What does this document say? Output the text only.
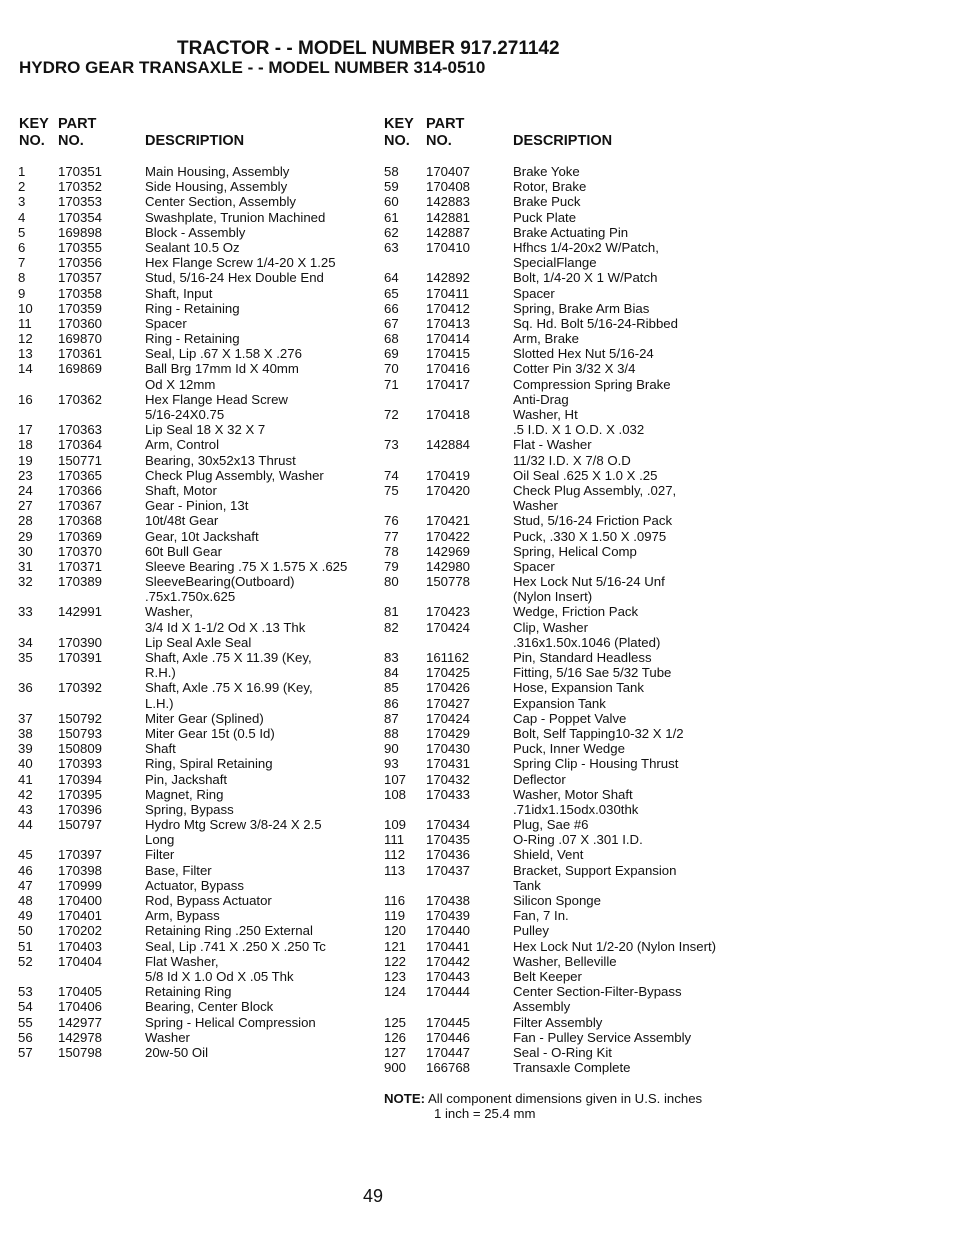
TRACTOR - - MODEL NUMBER 917.271142
HYDRO GEAR TRANSAXLE - - MODEL NUMBER 314-0510
KEY
NO.
PART
NO.	DESCRIPTION
KEY
NO.
PART
NO.	DESCRIPTION
1 170351	Main Housing, Assembly
2 170352	Side Housing, Assembly
3 170353	Center Section, Assembly
4 170354	Swashplate, Trunion Machined
5 169898	Block - Assembly
6 170355	Sealant 10.5 Oz
7 170356	Hex Flange Screw 1/4-20 X 1.25
8 170357	Stud, 5/16-24 Hex Double End
9 170358	Shaft, Input
10 170359	Ring - Retaining
11 170360	Spacer
12 169870	Ring - Retaining
13 170361	Seal, Lip .67 X 1.58 X .276
14 169869	Ball Brg 17mm Id X 40mm
Od X 12mm
16 170362	Hex Flange Head Screw
5/16-24X0.75
17 170363	Lip Seal 18 X 32 X 7
18 170364	Arm, Control
19 150771	Bearing, 30x52x13 Thrust
23 170365	Check Plug Assembly, Washer
24 170366	Shaft, Motor
27 170367	Gear - Pinion, 13t
28 170368	10t/48t Gear
29 170369	Gear, 10t Jackshaft
30 170370	60t Bull Gear
31 170371	Sleeve Bearing .75 X 1.575 X .625
32 170389	SleeveBearing(Outboard)
.75x1.750x.625
33 142991	Washer,
3/4 Id X 1-1/2 Od X .13 Thk
34 170390	Lip Seal Axle Seal
35 170391	Shaft, Axle .75 X 11.39 (Key,
R.H.)
36 170392	Shaft, Axle .75 X 16.99 (Key,
L.H.)
37 150792	Miter Gear (Splined)
38 150793	Miter Gear 15t (0.5 Id)
39 150809	Shaft
40 170393	Ring, Spiral Retaining
41 170394	Pin, Jackshaft
42 170395	Magnet, Ring
43 170396	Spring, Bypass
44 150797	Hydro Mtg Screw 3/8-24 X 2.5
Long
45 170397	Filter
46 170398	Base, Filter
47 170999	Actuator, Bypass
48 170400	Rod, Bypass Actuator
49 170401	Arm, Bypass
50 170202	Retaining Ring .250 External
51 170403	Seal, Lip .741 X .250 X .250 Tc
52 170404	Flat Washer,
5/8 Id X 1.0 Od X .05 Thk
53 170405	Retaining Ring
54 170406	Bearing, Center Block
55 142977	Spring - Helical Compression
56 142978	Washer
57 150798	20w-50 Oil
58 170407	Brake Yoke
59 170408	Rotor, Brake
60 142883	Brake Puck
61 142881	Puck Plate
62 142887	Brake Actuating Pin
63 170410	Hfhcs 1/4-20x2 W/Patch,
SpecialFlange
64 142892	Bolt, 1/4-20 X 1 W/Patch
65 170411	Spacer
66 170412	Spring, Brake Arm Bias
67 170413	Sq. Hd. Bolt 5/16-24-Ribbed
68 170414	Arm, Brake
69 170415	Slotted Hex Nut 5/16-24
70 170416	Cotter Pin 3/32 X 3/4
71 170417	Compression Spring Brake
Anti-Drag
72 170418	Washer, Ht
.5 I.D. X 1 O.D. X .032
73 142884	Flat - Washer
11/32 I.D. X 7/8 O.D
74 170419	Oil Seal .625 X 1.0 X .25
75 170420	Check Plug Assembly, .027,
Washer
76 170421	Stud, 5/16-24 Friction Pack
77 170422	Puck, .330 X 1.50 X .0975
78 142969	Spring, Helical Comp
79 142980	Spacer
80 150778	Hex Lock Nut 5/16-24 Unf
(Nylon Insert)
81 170423	Wedge, Friction Pack
82 170424	Clip, Washer
.316x1.50x.1046 (Plated)
83 161162	Pin, Standard Headless
84 170425	Fitting, 5/16 Sae 5/32 Tube
85 170426	Hose, Expansion Tank
86 170427	Expansion Tank
87 170424	Cap - Poppet Valve
88 170429	Bolt, Self Tapping10-32 X 1/2
90 170430	Puck, Inner Wedge
93 170431	Spring Clip - Housing Thrust
107 170432	Deflector
108 170433	Washer, Motor Shaft
.71idx1.15odx.030thk
109 170434	Plug, Sae #6
111 170435	O-Ring .07 X .301 I.D.
112 170436	Shield, Vent
113 170437	Bracket, Support Expansion
Tank
116 170438	Silicon Sponge
119 170439	Fan, 7 In.
120 170440	Pulley
121 170441	Hex Lock Nut 1/2-20 (Nylon Insert)
122 170442	Washer, Belleville
123 170443	Belt Keeper
124 170444	Center Section-Filter-Bypass
Assembly
125 170445	Filter Assembly
126 170446	Fan - Pulley Service Assembly
127 170447	Seal - O-Ring Kit
900 166768	Transaxle Complete
NOTE: All component dimensions given in U.S. inches
1 inch = 25.4 mm
49
